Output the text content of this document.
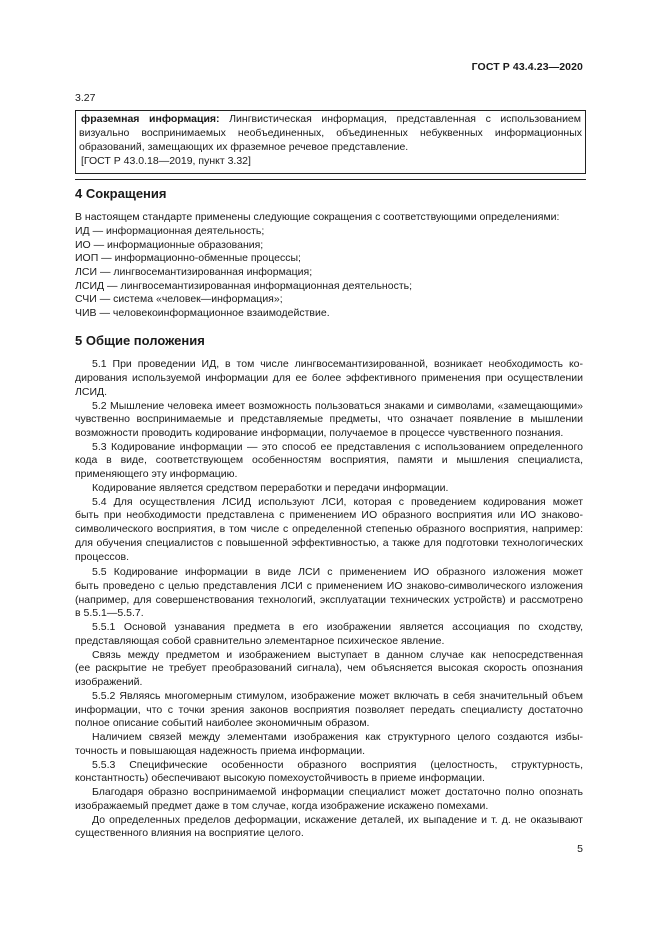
ГОСТ Р 43.4.23—2020
3.27
фраземная информация: Лингвистическая информация, представленная с использованием
визуально воспринимаемых необъединенных, объединенных небуквенных информационных
образований, замещающих их фраземное речевое представление.
[ГОСТ Р 43.0.18—2019, пункт 3.32]
4 Сокращения
В настоящем стандарте применены следующие сокращения с соответствующими определениями:
ИД — информационная деятельность;
ИО — информационные образования;
ИОП — информационно-обменные процессы;
ЛСИ — лингвосемантизированная информация;
ЛСИД — лингвосемантизированная информационная деятельность;
СЧИ — система «человек—информация»;
ЧИВ — человекоинформационное взаимодействие.
5 Общие положения
5.1 При проведении ИД, в том числе лингвосемантизированной, возникает необходимость ко-
дирования используемой информации для ее более эффективного применения при осуществлении
ЛСИД.
5.2 Мышление человека имеет возможность пользоваться знаками и символами, «замещающими»
чувственно воспринимаемые и представляемые предметы, что означает появление в мышлении
возможности проводить кодирование информации, получаемое в процессе чувственного познания.
5.3 Кодирование информации — это способ ее представления с использованием определенного
кода в виде, соответствующем особенностям восприятия, памяти и мышления специалиста,
применяющего эту информацию.
Кодирование является средством переработки и передачи информации.
5.4 Для осуществления ЛСИД используют ЛСИ, которая с проведением кодирования может
быть при необходимости представлена с применением ИО образного восприятия или ИО знаково-
символического восприятия, в том числе с определенной степенью образного восприятия, например:
для обучения специалистов с повышенной эффективностью, а также для подготовки технологических
процессов.
5.5 Кодирование информации в виде ЛСИ с применением ИО образного изложения может
быть проведено с целью представления ЛСИ с применением ИО знаково-символического изложения
(например, для совершенствования технологий, эксплуатации технических устройств) и рассмотрено
в 5.5.1—5.5.7.
5.5.1 Основой узнавания предмета в его изображении является ассоциация по сходству,
представляющая собой сравнительно элементарное психическое явление.
Связь между предметом и изображением выступает в данном случае как непосредственная
(ее раскрытие не требует преобразований сигнала), чем объясняется высокая скорость опознания
изображений.
5.5.2 Являясь многомерным стимулом, изображение может включать в себя значительный объем
информации, что с точки зрения законов восприятия позволяет передать специалисту достаточно
полное описание событий наиболее экономичным образом.
Наличием связей между элементами изображения как структурного целого создаются избы-
точность и повышающая надежность приема информации.
5.5.3 Специфические особенности образного восприятия (целостность, структурность,
константность) обеспечивают высокую помехоустойчивость в приеме информации.
Благодаря образно воспринимаемой информации специалист может достаточно полно опознать
изображаемый предмет даже в том случае, когда изображение искажено помехами.
До определенных пределов деформации, искажение деталей, их выпадение и т. д. не оказывают
существенного влияния на восприятие целого.
5
